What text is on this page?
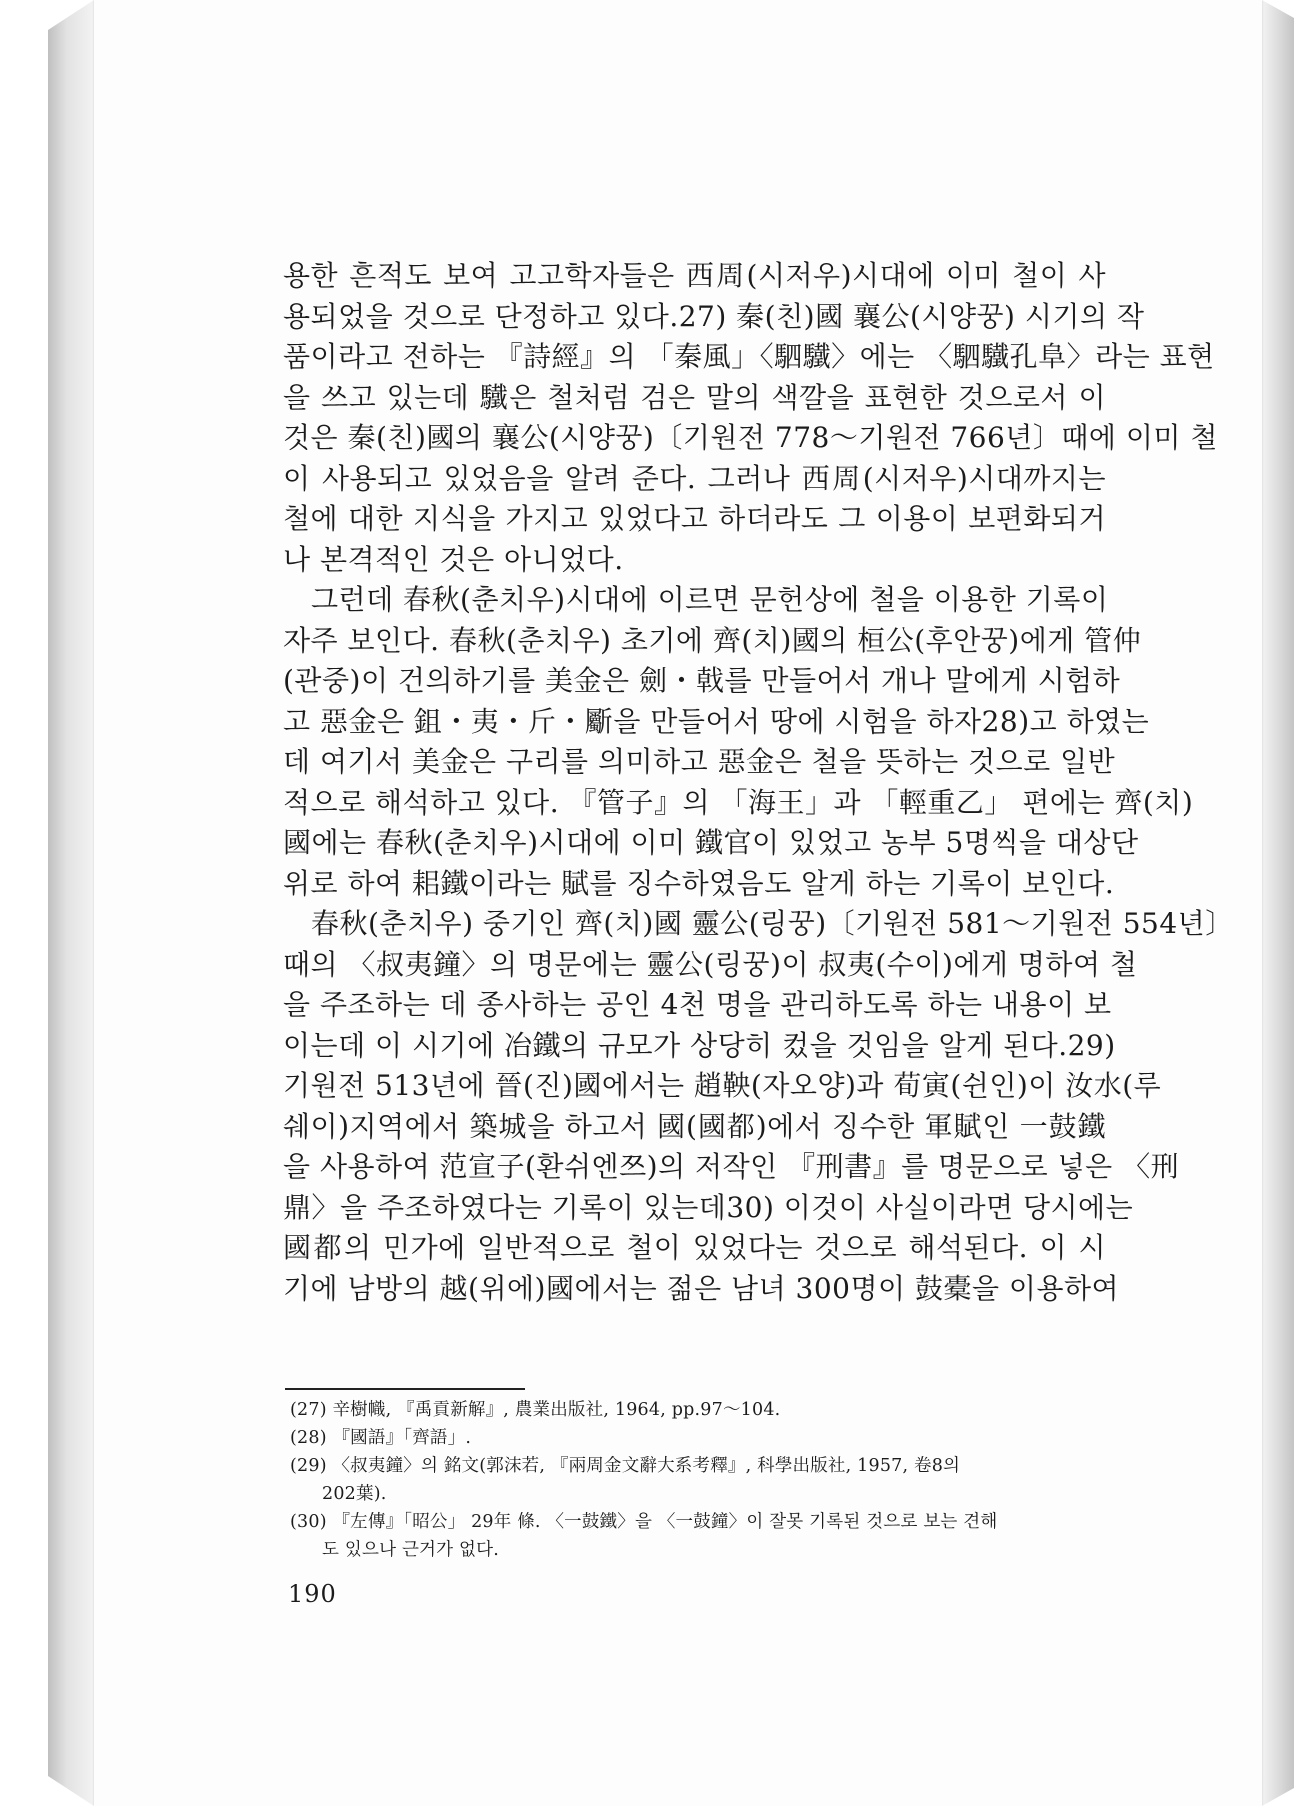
용한 흔적도 보여 고고학자들은 西周(시저우)시대에 이미 철이 사
용되었을 것으로 단정하고 있다.27) 秦(친)國 襄公(시양꿍) 시기의 작
품이라고 전하는 『詩經』의 「秦風」〈駟驖〉에는 〈駟驖孔阜〉라는 표현
을 쓰고 있는데 驖은 철처럼 검은 말의 색깔을 표현한 것으로서 이
것은 秦(친)國의 襄公(시양꿍)〔기원전 778～기원전 766년〕때에 이미 철
이 사용되고 있었음을 알려 준다. 그러나 西周(시저우)시대까지는
철에 대한 지식을 가지고 있었다고 하더라도 그 이용이 보편화되거
나 본격적인 것은 아니었다.
그런데 春秋(춘치우)시대에 이르면 문헌상에 철을 이용한 기록이
자주 보인다. 春秋(춘치우) 초기에 齊(치)國의 桓公(후안꿍)에게 管仲
(관중)이 건의하기를 美金은 劍・戟를 만들어서 개나 말에게 시험하
고 惡金은 鉏・夷・斤・斸을 만들어서 땅에 시험을 하자28)고 하였는
데 여기서 美金은 구리를 의미하고 惡金은 철을 뜻하는 것으로 일반
적으로 해석하고 있다. 『管子』의 「海王」과 「輕重乙」 편에는 齊(치)
國에는 春秋(춘치우)시대에 이미 鐵官이 있었고 농부 5명씩을 대상단
위로 하여 耜鐵이라는 賦를 징수하였음도 알게 하는 기록이 보인다.
春秋(춘치우) 중기인 齊(치)國 靈公(링꿍)〔기원전 581～기원전 554년〕
때의 〈叔夷鐘〉의 명문에는 靈公(링꿍)이 叔夷(수이)에게 명하여 철
을 주조하는 데 종사하는 공인 4천 명을 관리하도록 하는 내용이 보
이는데 이 시기에 冶鐵의 규모가 상당히 컸을 것임을 알게 된다.29)
기원전 513년에 晉(진)國에서는 趙鞅(자오양)과 荀寅(쉰인)이 汝水(루
쉐이)지역에서 築城을 하고서 國(國都)에서 징수한 軍賦인 一鼓鐵
을 사용하여 范宣子(환쉬엔쯔)의 저작인 『刑書』를 명문으로 넣은 〈刑
鼎〉을 주조하였다는 기록이 있는데30) 이것이 사실이라면 당시에는
國都의 민가에 일반적으로 철이 있었다는 것으로 해석된다. 이 시
기에 남방의 越(위에)國에서는 젊은 남녀 300명이 鼓橐을 이용하여
(27) 辛樹幟, 『禹貢新解』, 農業出版社, 1964, pp.97～104.
(28) 『國語』「齊語」.
(29) 〈叔夷鐘〉의 銘文(郭沫若, 『兩周金文辭大系考釋』, 科學出版社, 1957, 卷8의
202葉).
(30) 『左傳』「昭公」 29年 條. 〈一鼓鐵〉을 〈一鼓鐘〉이 잘못 기록된 것으로 보는 견해
도 있으나 근거가 없다.
190
